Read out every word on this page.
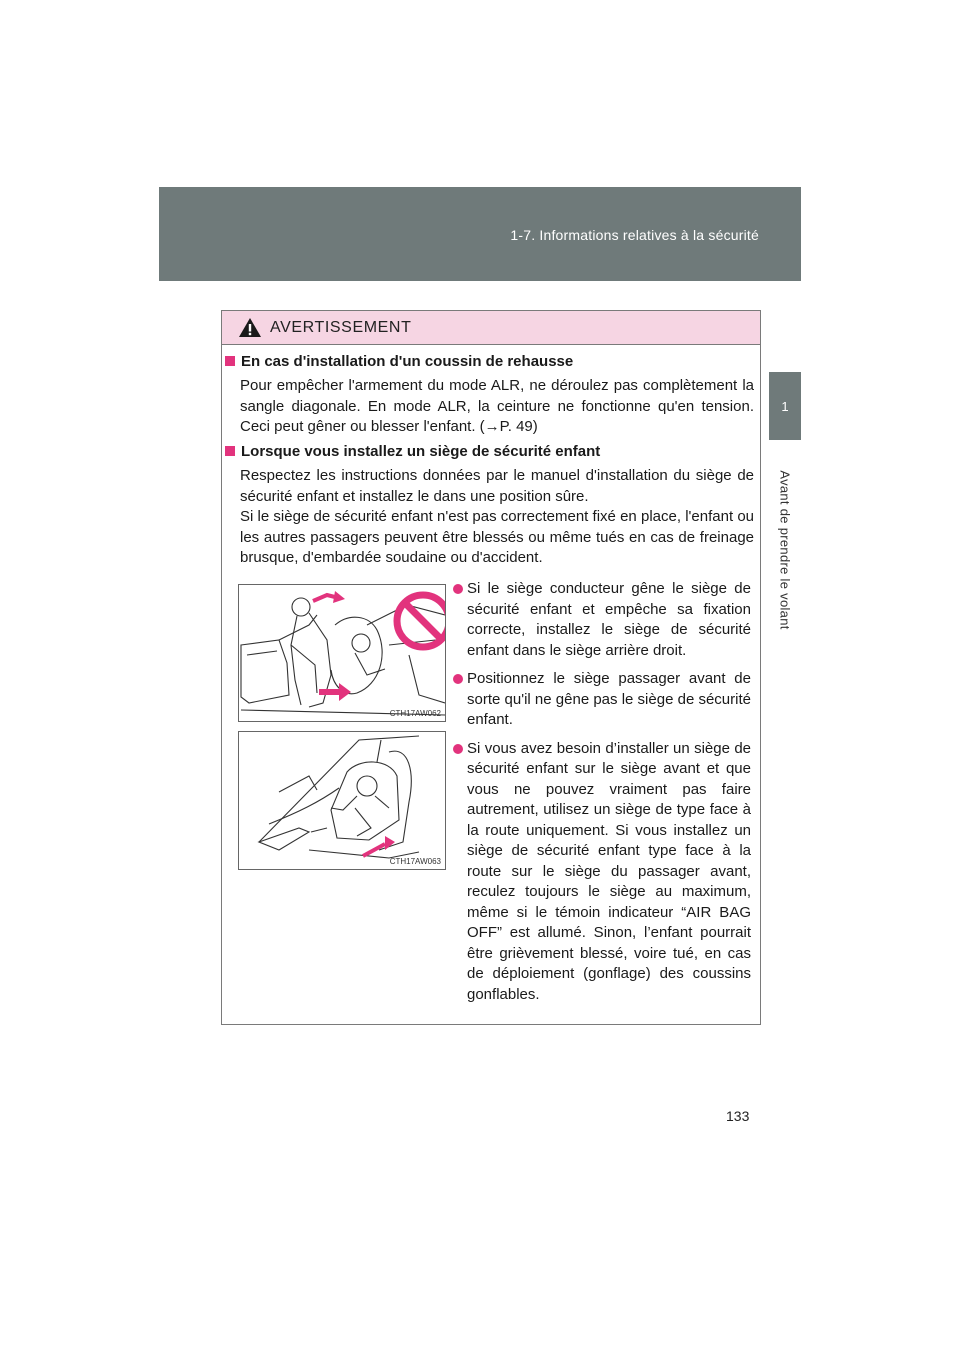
1-7. Informations relatives à la sécurité
1
Avant de prendre le volant
AVERTISSEMENT
En cas d'installation d'un coussin de rehausse

Pour empêcher l'armement du mode ALR, ne déroulez pas complètement la sangle diagonale. En mode ALR, la ceinture ne fonctionne qu'en tension. Ceci peut gêner ou blesser l'enfant. (→P. 49)

Lorsque vous installez un siège de sécurité enfant

Respectez les instructions données par le manuel d'installation du siège de sécurité enfant et installez le dans une position sûre.

Si le siège de sécurité enfant n'est pas correctement fixé en place, l'enfant ou les autres passagers peuvent être blessés ou même tués en cas de freinage brusque, d'embardée soudaine ou d'accident.

CTH17AW062
CTH17AW063
Si le siège conducteur gêne le siège de sécurité enfant et empêche sa fixation correcte, installez le siège de sécurité enfant dans le siège arrière droit.
Positionnez le siège passager avant de sorte qu'il ne gêne pas le siège de sécurité enfant.
Si vous avez besoin d’installer un siège de sécurité enfant sur le siège avant et que vous ne pouvez vraiment pas faire autrement, utilisez un siège de type face à la route uniquement. Si vous installez un siège de sécurité enfant type face à la route sur le siège du passager avant, reculez toujours le siège au maximum, même si le témoin indicateur “AIR BAG OFF” est allumé. Sinon, l’enfant pourrait être grièvement blessé, voire tué, en cas de déploiement (gonflage) des coussins gonflables.
133
